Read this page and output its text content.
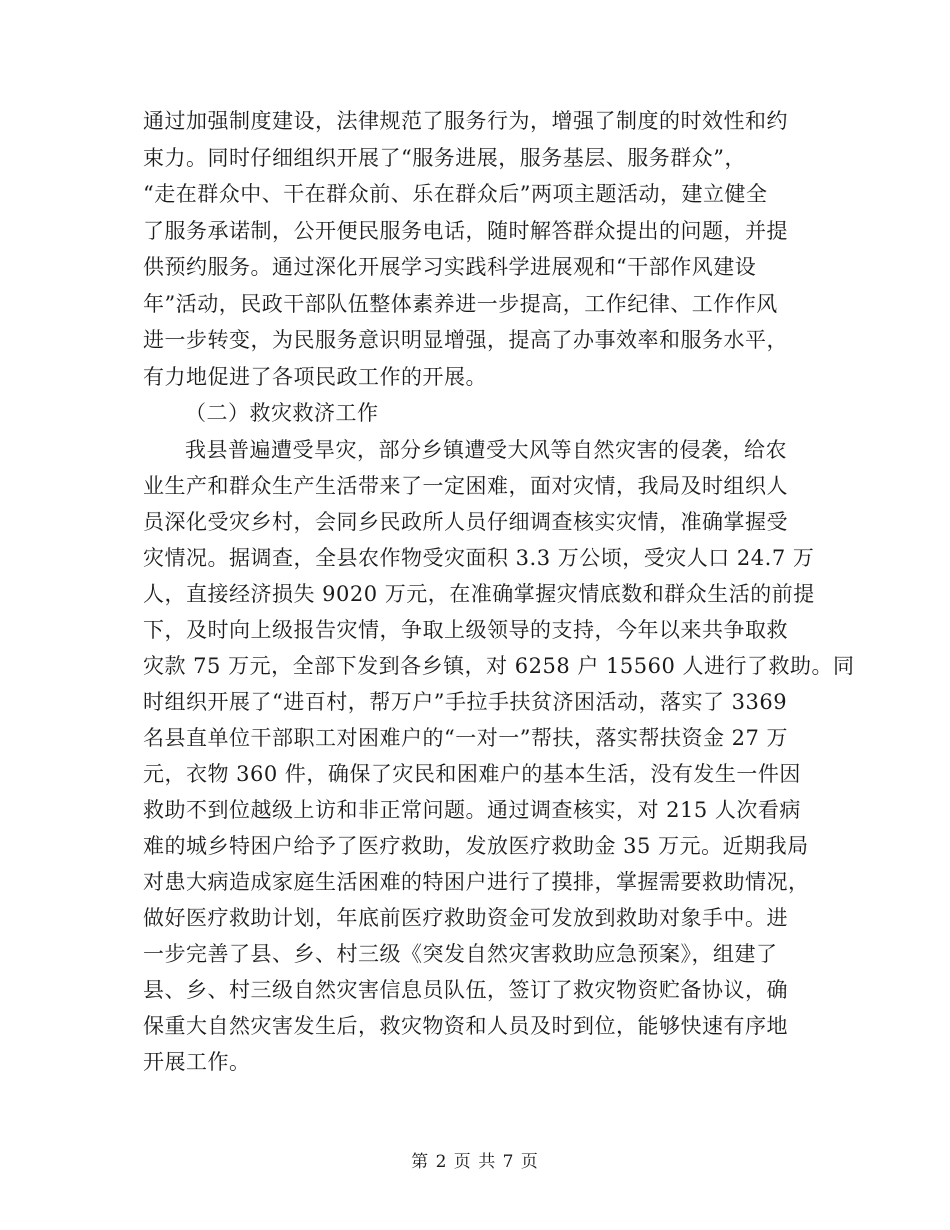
通过加强制度建设，法律规范了服务行为，增强了制度的时效性和约
束力。同时仔细组织开展了“服务进展，服务基层、服务群众”，
“走在群众中、干在群众前、乐在群众后”两项主题活动，建立健全
了服务承诺制，公开便民服务电话，随时解答群众提出的问题，并提
供预约服务。通过深化开展学习实践科学进展观和“干部作风建设
年”活动，民政干部队伍整体素养进一步提高，工作纪律、工作作风
进一步转变，为民服务意识明显增强，提高了办事效率和服务水平，
有力地促进了各项民政工作的开展。
（二）救灾救济工作
我县普遍遭受旱灾，部分乡镇遭受大风等自然灾害的侵袭，给农
业生产和群众生产生活带来了一定困难，面对灾情，我局及时组织人
员深化受灾乡村，会同乡民政所人员仔细调查核实灾情，准确掌握受
灾情况。据调查，全县农作物受灾面积 3.3 万公顷，受灾人口 24.7 万
人，直接经济损失 9020 万元，在准确掌握灾情底数和群众生活的前提
下，及时向上级报告灾情，争取上级领导的支持，今年以来共争取救
灾款 75 万元，全部下发到各乡镇，对 6258 户 15560 人进行了救助。同
时组织开展了“进百村，帮万户”手拉手扶贫济困活动，落实了 3369
名县直单位干部职工对困难户的“一对一”帮扶，落实帮扶资金 27 万
元，衣物 360 件，确保了灾民和困难户的基本生活，没有发生一件因
救助不到位越级上访和非正常问题。通过调查核实，对 215 人次看病
难的城乡特困户给予了医疗救助，发放医疗救助金 35 万元。近期我局
对患大病造成家庭生活困难的特困户进行了摸排，掌握需要救助情况，
做好医疗救助计划，年底前医疗救助资金可发放到救助对象手中。进
一步完善了县、乡、村三级《突发自然灾害救助应急预案》，组建了
县、乡、村三级自然灾害信息员队伍，签订了救灾物资贮备协议，确
保重大自然灾害发生后，救灾物资和人员及时到位，能够快速有序地
开展工作。
第 2 页 共 7 页
